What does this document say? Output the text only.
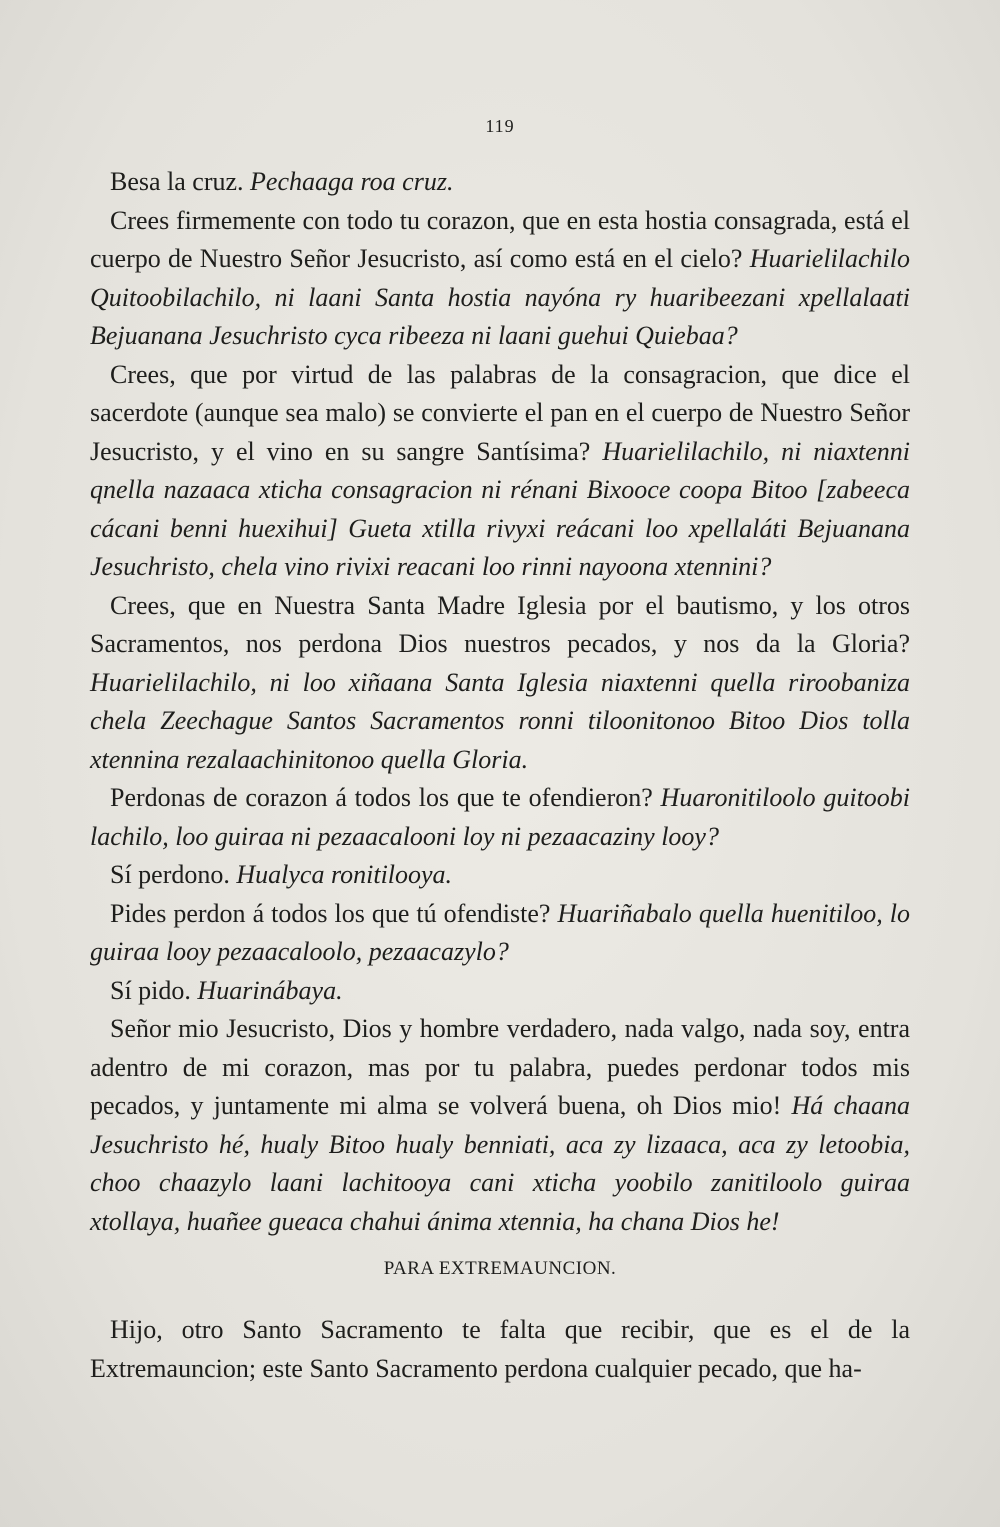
119

Besa la cruz. Pechaaga roa cruz.

Crees firmemente con todo tu corazon, que en esta hostia consagrada, está el cuerpo de Nuestro Señor Jesucristo, así como está en el cielo? Huarielilachilo Quitoobilachilo, ni laani Santa hostia nayóna ry huaribeezani xpellalaati Bejuanana Jesuchristo cyca ribeeza ni laani guehui Quiebaa?

Crees, que por virtud de las palabras de la consagracion, que dice el sacerdote (aunque sea malo) se convierte el pan en el cuerpo de Nuestro Señor Jesucristo, y el vino en su sangre Santísima? Huarielilachilo, ni niaxtenni qnella nazaaca xticha consagracion ni rénani Bixooce coopa Bitoo [zabeeca cácani benni huexihui] Gueta xtilla rivyxi reácani loo xpellaláti Bejuanana Jesuchristo, chela vino rivixi reacani loo rinni nayoona xtennini?

Crees, que en Nuestra Santa Madre Iglesia por el bautismo, y los otros Sacramentos, nos perdona Dios nuestros pecados, y nos da la Gloria? Huarielilachilo, ni loo xiñaana Santa Iglesia niaxtenni quella riroobaniza chela Zeechague Santos Sacramentos ronni tiloonitonoo Bitoo Dios tolla xtennina rezalaachinitonoo quella Gloria.

Perdonas de corazon á todos los que te ofendieron? Huaronitiloolo guitoobi lachilo, loo guiraa ni pezaacalooni loy ni pezaacaziny looy?

Sí perdono. Hualyca ronitilooya.

Pides perdon á todos los que tú ofendiste? Huariñabalo quella huenitiloo, lo guiraa looy pezaacaloolo, pezaacazylo?

Sí pido. Huarinábaya.

Señor mio Jesucristo, Dios y hombre verdadero, nada valgo, nada soy, entra adentro de mi corazon, mas por tu palabra, puedes perdonar todos mis pecados, y juntamente mi alma se volverá buena, oh Dios mio! Há chaana Jesuchristo hé, hualy Bitoo hualy benniati, aca zy lizaaca, aca zy letoobia, choo chaazylo laani lachitooya cani xticha yoobilo zanitiloolo guiraa xtollaya, huañee gueaca chahui ánima xtennia, ha chana Dios he!

PARA EXTREMAUNCION.

Hijo, otro Santo Sacramento te falta que recibir, que es el de la Extremauncion; este Santo Sacramento perdona cualquier pecado, que ha-
